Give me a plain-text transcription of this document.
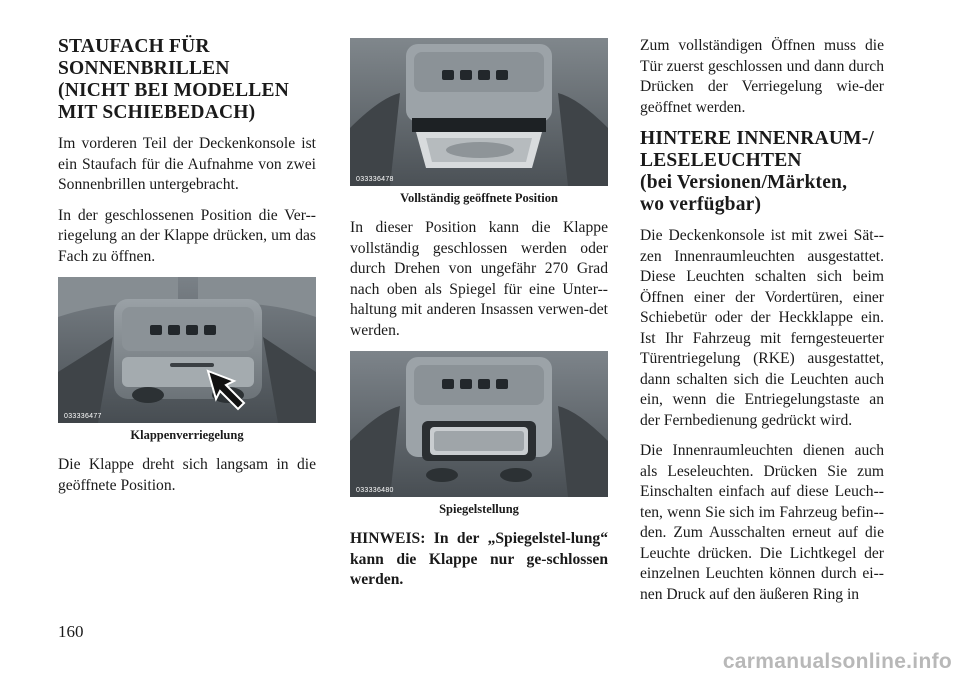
STAUFACH FÜR
SONNENBRILLEN
(NICHT BEI MODELLEN
MIT SCHIEBEDACH)

Im vorderen Teil der Deckenkonsole ist ein Staufach für die Aufnahme von zwei Sonnenbrillen untergebracht.

In der geschlossenen Position die Ver-riegelung an der Klappe drücken, um das Fach zu öffnen.

033336477
Klappenverriegelung

Die Klappe dreht sich langsam in die geöffnete Position.

033336478
Vollständig geöffnete Position

In dieser Position kann die Klappe vollständig geschlossen werden oder durch Drehen von ungefähr 270 Grad nach oben als Spiegel für eine Unter-haltung mit anderen Insassen verwen-det werden.

033336480
Spiegelstellung

HINWEIS: In der „Spiegelstel-lung“ kann die Klappe nur ge-schlossen werden.

Zum vollständigen Öffnen muss die Tür zuerst geschlossen und dann durch Drücken der Verriegelung wie-der geöffnet werden.

HINTERE INNENRAUM-/
LESELEUCHTEN
(bei Versionen/Märkten,
wo verfügbar)

Die Deckenkonsole ist mit zwei Sät-zen Innenraumleuchten ausgestattet. Diese Leuchten schalten sich beim Öffnen einer der Vordertüren, einer Schiebetür oder der Heckklappe ein. Ist Ihr Fahrzeug mit ferngesteuerter Türentriegelung (RKE) ausgestattet, dann schalten sich die Leuchten auch ein, wenn die Entriegelungstaste an der Fernbedienung gedrückt wird.

Die Innenraumleuchten dienen auch als Leseleuchten. Drücken Sie zum Einschalten einfach auf diese Leuch-ten, wenn Sie sich im Fahrzeug befin-den. Zum Ausschalten erneut auf die Leuchte drücken. Die Lichtkegel der einzelnen Leuchten können durch ei-nen Druck auf den äußeren Ring in

160
carmanualsonline.info
